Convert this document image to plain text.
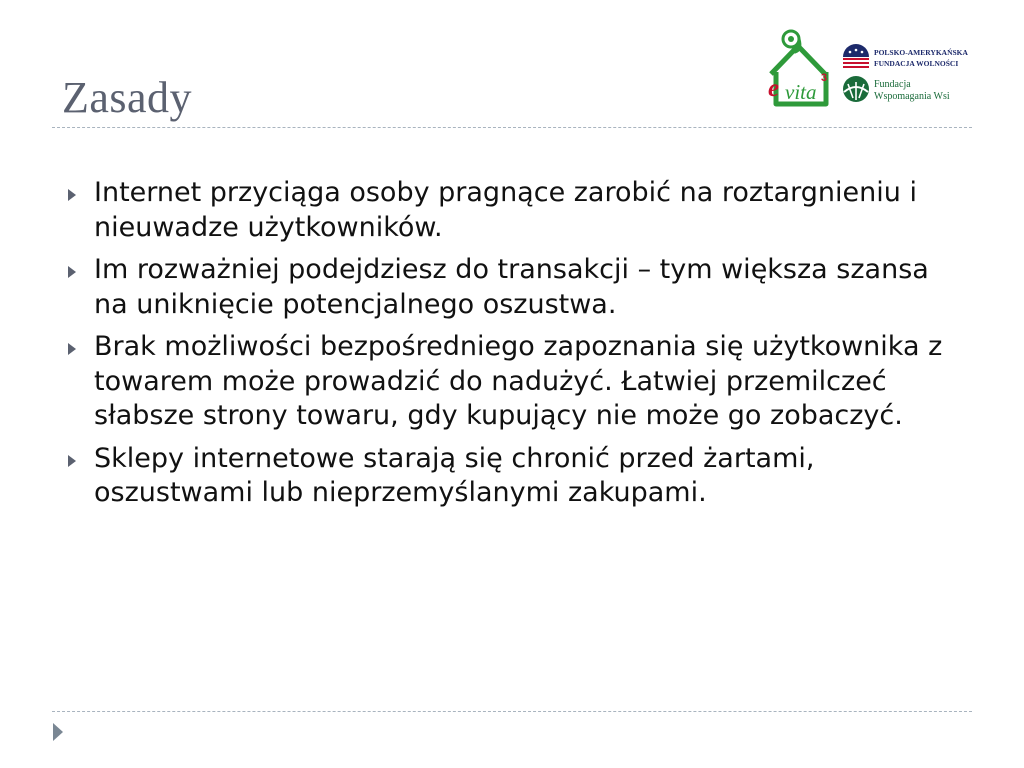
Zasady	e vita
3
POLSKO-AMERYKAŃSKA
FUNDACJA WOLNOŚCI
Fundacja
Wspomagania Wsi
Internet przyciąga osoby pragnące zarobić na roztargnieniu i nieuwadze użytkowników.
Im rozważniej podejdziesz do transakcji – tym większa szansa na uniknięcie potencjalnego oszustwa.
Brak możliwości bezpośredniego zapoznania się użytkownika z towarem może prowadzić do nadużyć. Łatwiej przemilczeć słabsze strony towaru, gdy kupujący nie może go zobaczyć.
Sklepy internetowe starają się chronić przed żartami, oszustwami lub nieprzemyślanymi zakupami.
